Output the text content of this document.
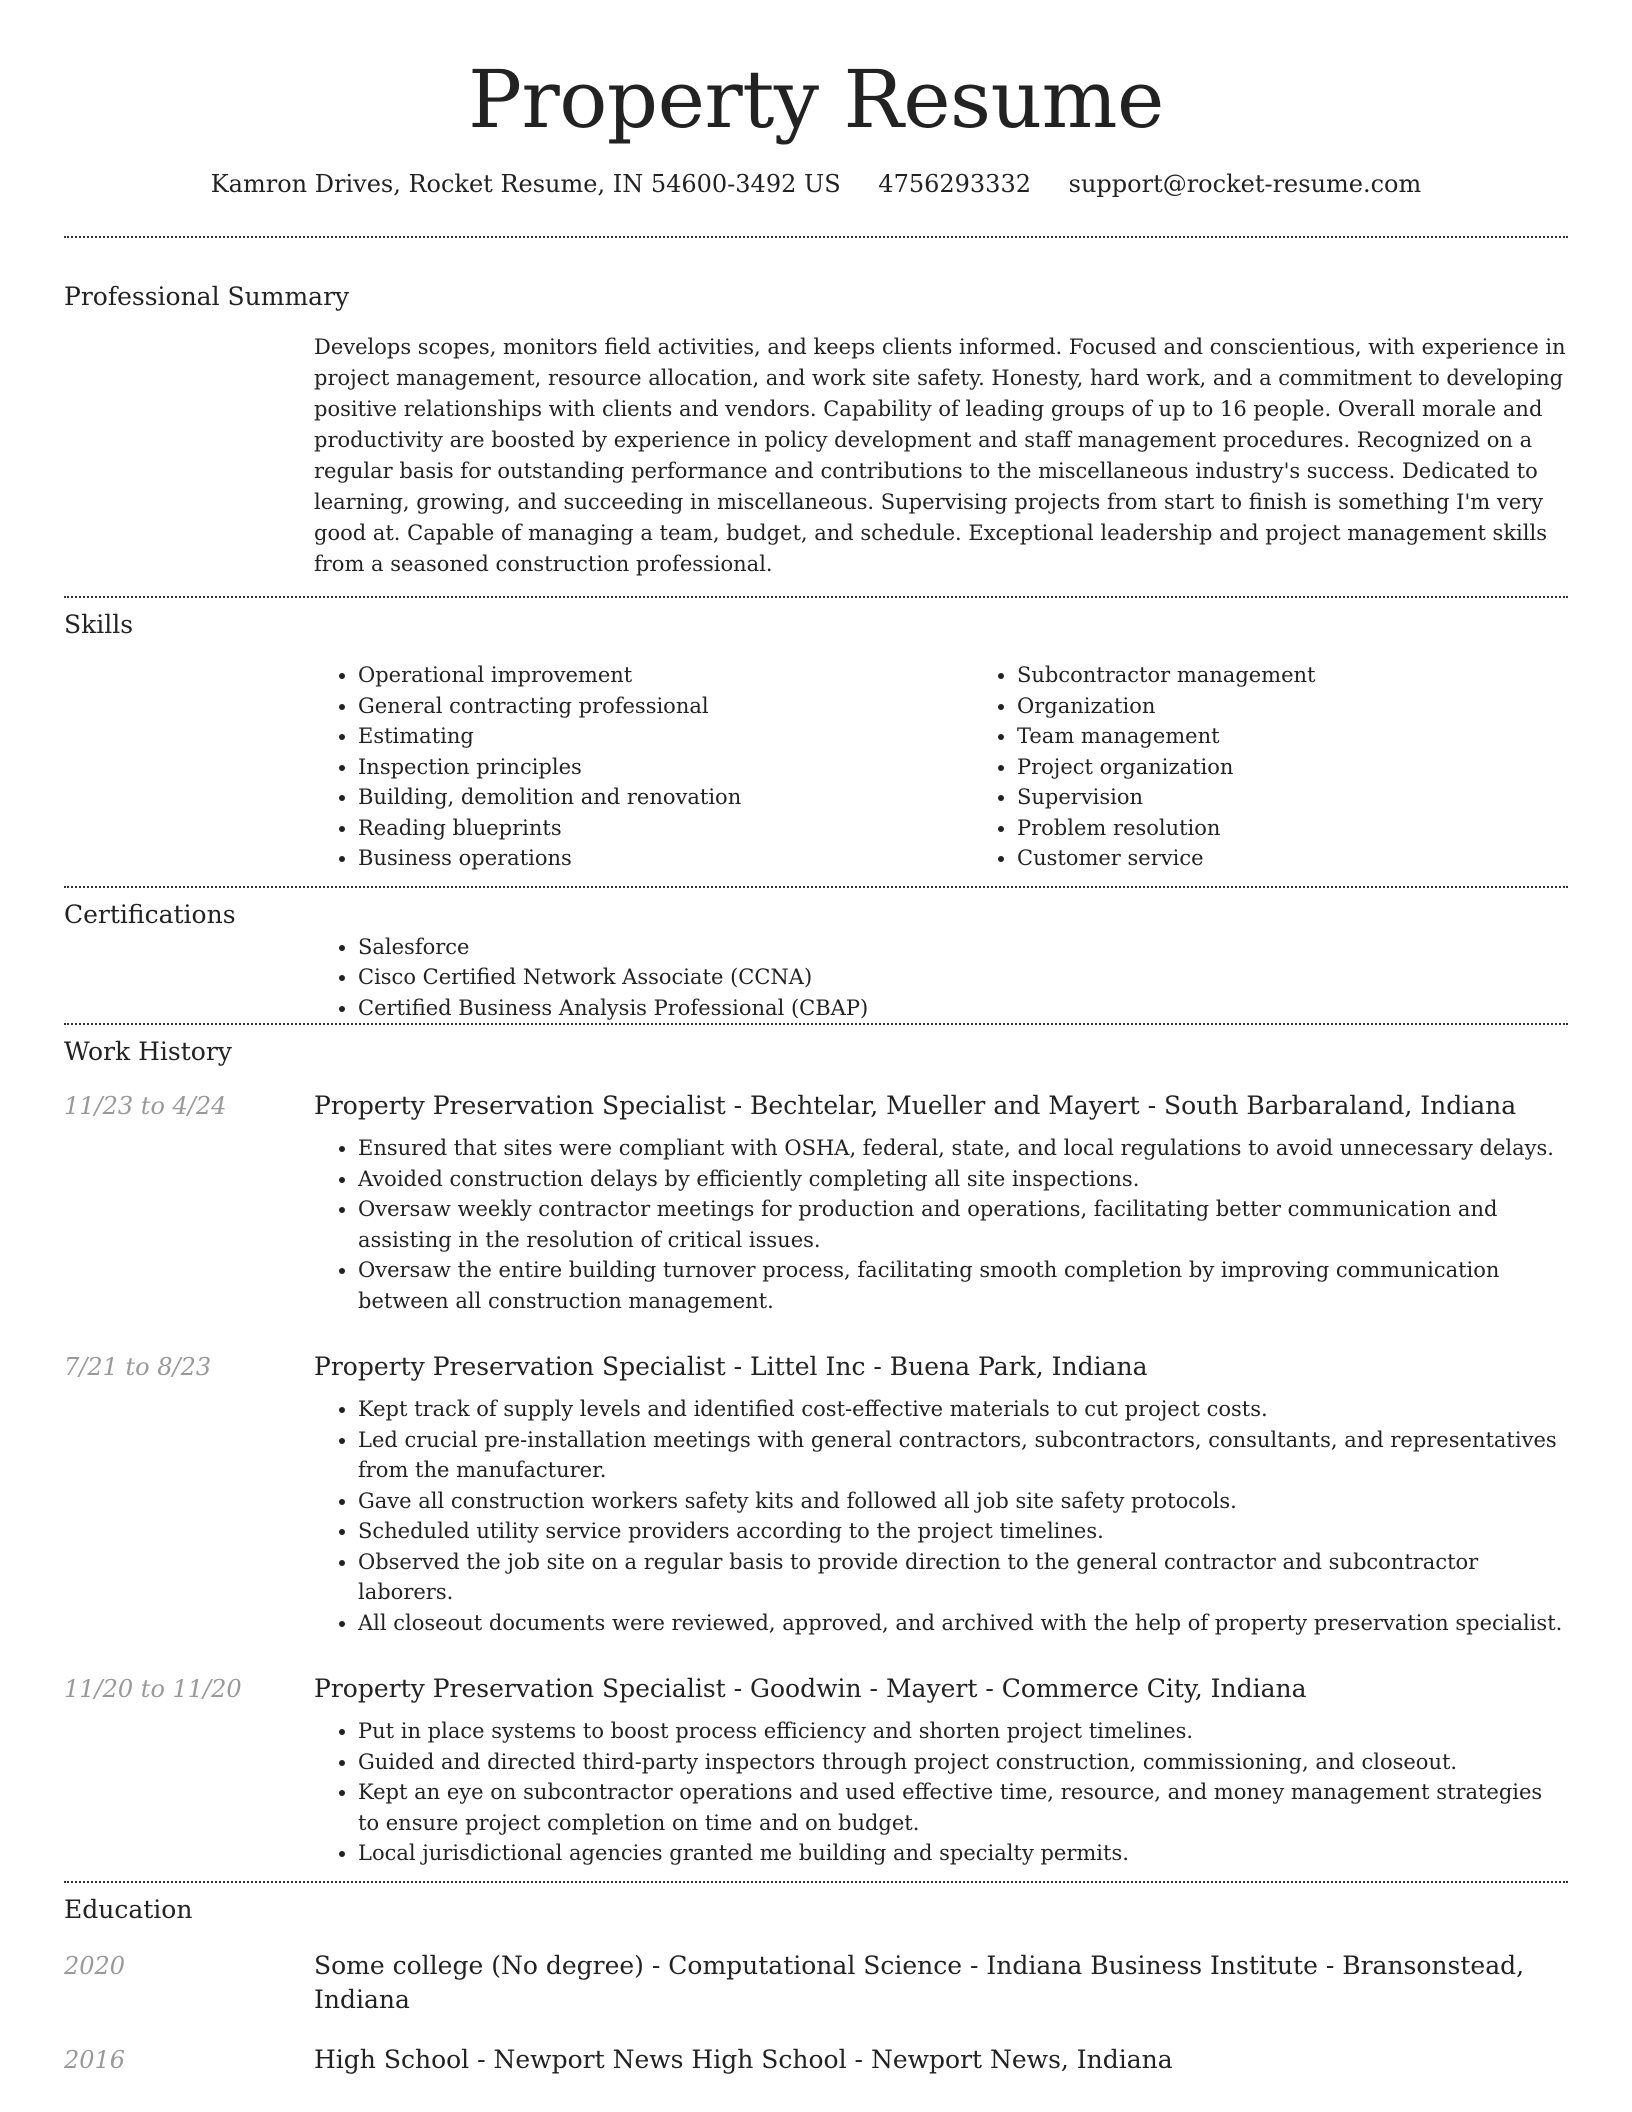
Property Resume
Kamron Drives, Rocket Resume, IN 54600-3492 US 4756293332 support@rocket-resume.com
Professional Summary

Develops scopes, monitors field activities, and keeps clients informed. Focused and conscientious, with experience in project management, resource allocation, and work site safety. Honesty, hard work, and a commitment to developing positive relationships with clients and vendors. Capability of leading groups of up to 16 people. Overall morale and productivity are boosted by experience in policy development and staff management procedures. Recognized on a regular basis for outstanding performance and contributions to the miscellaneous industry's success. Dedicated to learning, growing, and succeeding in miscellaneous. Supervising projects from start to finish is something I'm very good at. Capable of managing a team, budget, and schedule. Exceptional leadership and project management skills from a seasoned construction professional.

Skills
• Operational improvement
• General contracting professional
• Estimating
• Inspection principles
• Building, demolition and renovation
• Reading blueprints
• Business operations
• Subcontractor management
• Organization
• Team management
• Project organization
• Supervision
• Problem resolution
• Customer service
Certifications
• Salesforce
• Cisco Certified Network Associate (CCNA)
• Certified Business Analysis Professional (CBAP)
Work History
11/23 to 4/24	Property Preservation Specialist - Bechtelar, Mueller and Mayert - South Barbaraland, Indiana
• Ensured that sites were compliant with OSHA, federal, state, and local regulations to avoid unnecessary delays.
• Avoided construction delays by efficiently completing all site inspections.
• Oversaw weekly contractor meetings for production and operations, facilitating better communication and assisting in the resolution of critical issues.
• Oversaw the entire building turnover process, facilitating smooth completion by improving communication between all construction management.
7/21 to 8/23	Property Preservation Specialist - Littel Inc - Buena Park, Indiana
• Kept track of supply levels and identified cost-effective materials to cut project costs.
• Led crucial pre-installation meetings with general contractors, subcontractors, consultants, and representatives from the manufacturer.
• Gave all construction workers safety kits and followed all job site safety protocols.
• Scheduled utility service providers according to the project timelines.
• Observed the job site on a regular basis to provide direction to the general contractor and subcontractor laborers.
• All closeout documents were reviewed, approved, and archived with the help of property preservation specialist.
11/20 to 11/20	Property Preservation Specialist - Goodwin - Mayert - Commerce City, Indiana
• Put in place systems to boost process efficiency and shorten project timelines.
• Guided and directed third-party inspectors through project construction, commissioning, and closeout.
• Kept an eye on subcontractor operations and used effective time, resource, and money management strategies to ensure project completion on time and on budget.
• Local jurisdictional agencies granted me building and specialty permits.
Education
2020	Some college (No degree) - Computational Science - Indiana Business Institute - Bransonstead, Indiana
2016	High School - Newport News High School - Newport News, Indiana
